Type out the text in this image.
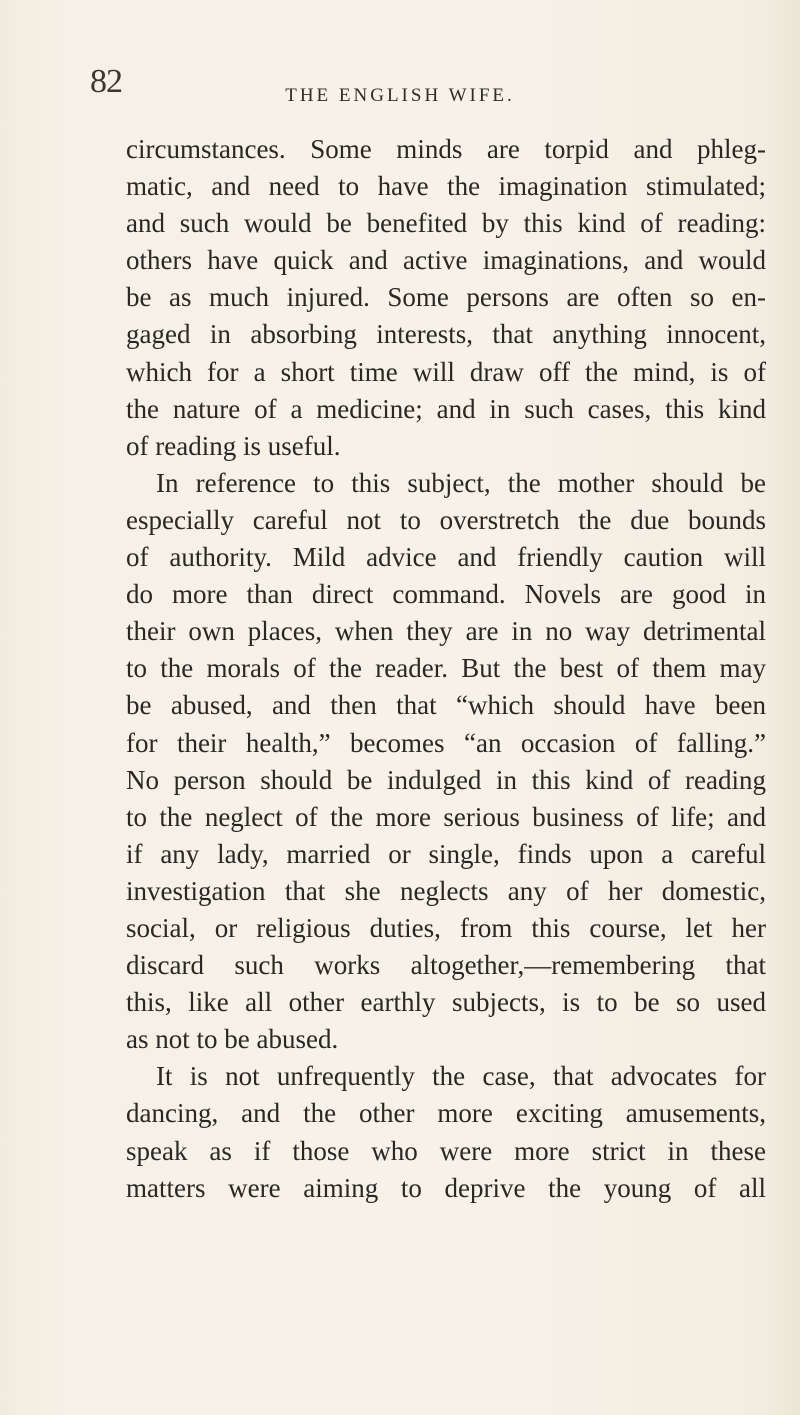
82	THE ENGLISH WIFE.
circumstances. Some minds are torpid and phleg-
matic, and need to have the imagination stimulated;
and such would be benefited by this kind of reading:
others have quick and active imaginations, and would
be as much injured. Some persons are often so en-
gaged in absorbing interests, that anything innocent,
which for a short time will draw off the mind, is of
the nature of a medicine; and in such cases, this kind
of reading is useful.
In reference to this subject, the mother should be
especially careful not to overstretch the due bounds
of authority. Mild advice and friendly caution will
do more than direct command. Novels are good in
their own places, when they are in no way detrimental
to the morals of the reader. But the best of them may
be abused, and then that “which should have been
for their health,” becomes “an occasion of falling.”
No person should be indulged in this kind of reading
to the neglect of the more serious business of life; and
if any lady, married or single, finds upon a careful
investigation that she neglects any of her domestic,
social, or religious duties, from this course, let her
discard such works altogether,—remembering that
this, like all other earthly subjects, is to be so used
as not to be abused.
It is not unfrequently the case, that advocates for
dancing, and the other more exciting amusements,
speak as if those who were more strict in these
matters were aiming to deprive the young of all
